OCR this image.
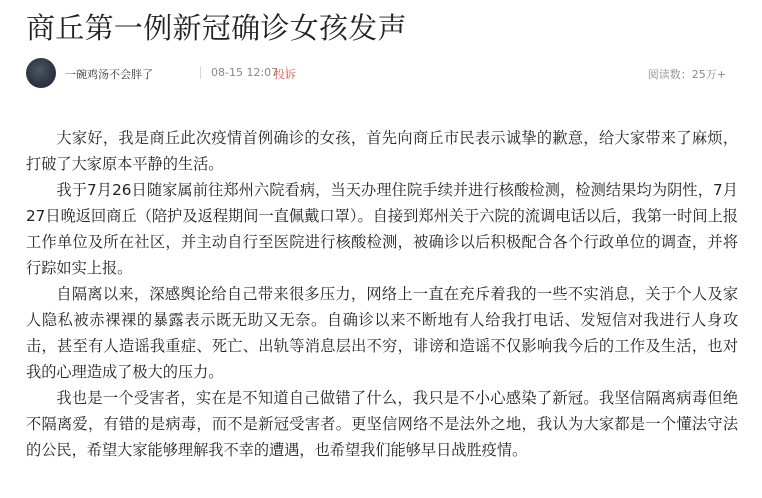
商丘第一例新冠确诊女孩发声
一碗鸡汤不会胖了	08-15 12:07
投诉	阅读数：25万+

大家好，我是商丘此次疫情首例确诊的女孩，首先向商丘市民表示诚挚的歉意，给大家带来了麻烦，打破了大家原本平静的生活。

我于7月26日随家属前往郑州六院看病，当天办理住院手续并进行核酸检测，检测结果均为阴性，7月27日晚返回商丘（陪护及返程期间一直佩戴口罩）。自接到郑州关于六院的流调电话以后，我第一时间上报工作单位及所在社区，并主动自行至医院进行核酸检测，被确诊以后积极配合各个行政单位的调查，并将行踪如实上报。

自隔离以来，深感舆论给自己带来很多压力，网络上一直在充斥着我的一些不实消息，关于个人及家人隐私被赤裸裸的暴露表示既无助又无奈。自确诊以来不断地有人给我打电话、发短信对我进行人身攻击，甚至有人造谣我重症、死亡、出轨等消息层出不穷，诽谤和造谣不仅影响我今后的工作及生活，也对我的心理造成了极大的压力。

我也是一个受害者，实在是不知道自己做错了什么，我只是不小心感染了新冠。我坚信隔离病毒但绝不隔离爱，有错的是病毒，而不是新冠受害者。更坚信网络不是法外之地，我认为大家都是一个懂法守法的公民，希望大家能够理解我不幸的遭遇，也希望我们能够早日战胜疫情。
